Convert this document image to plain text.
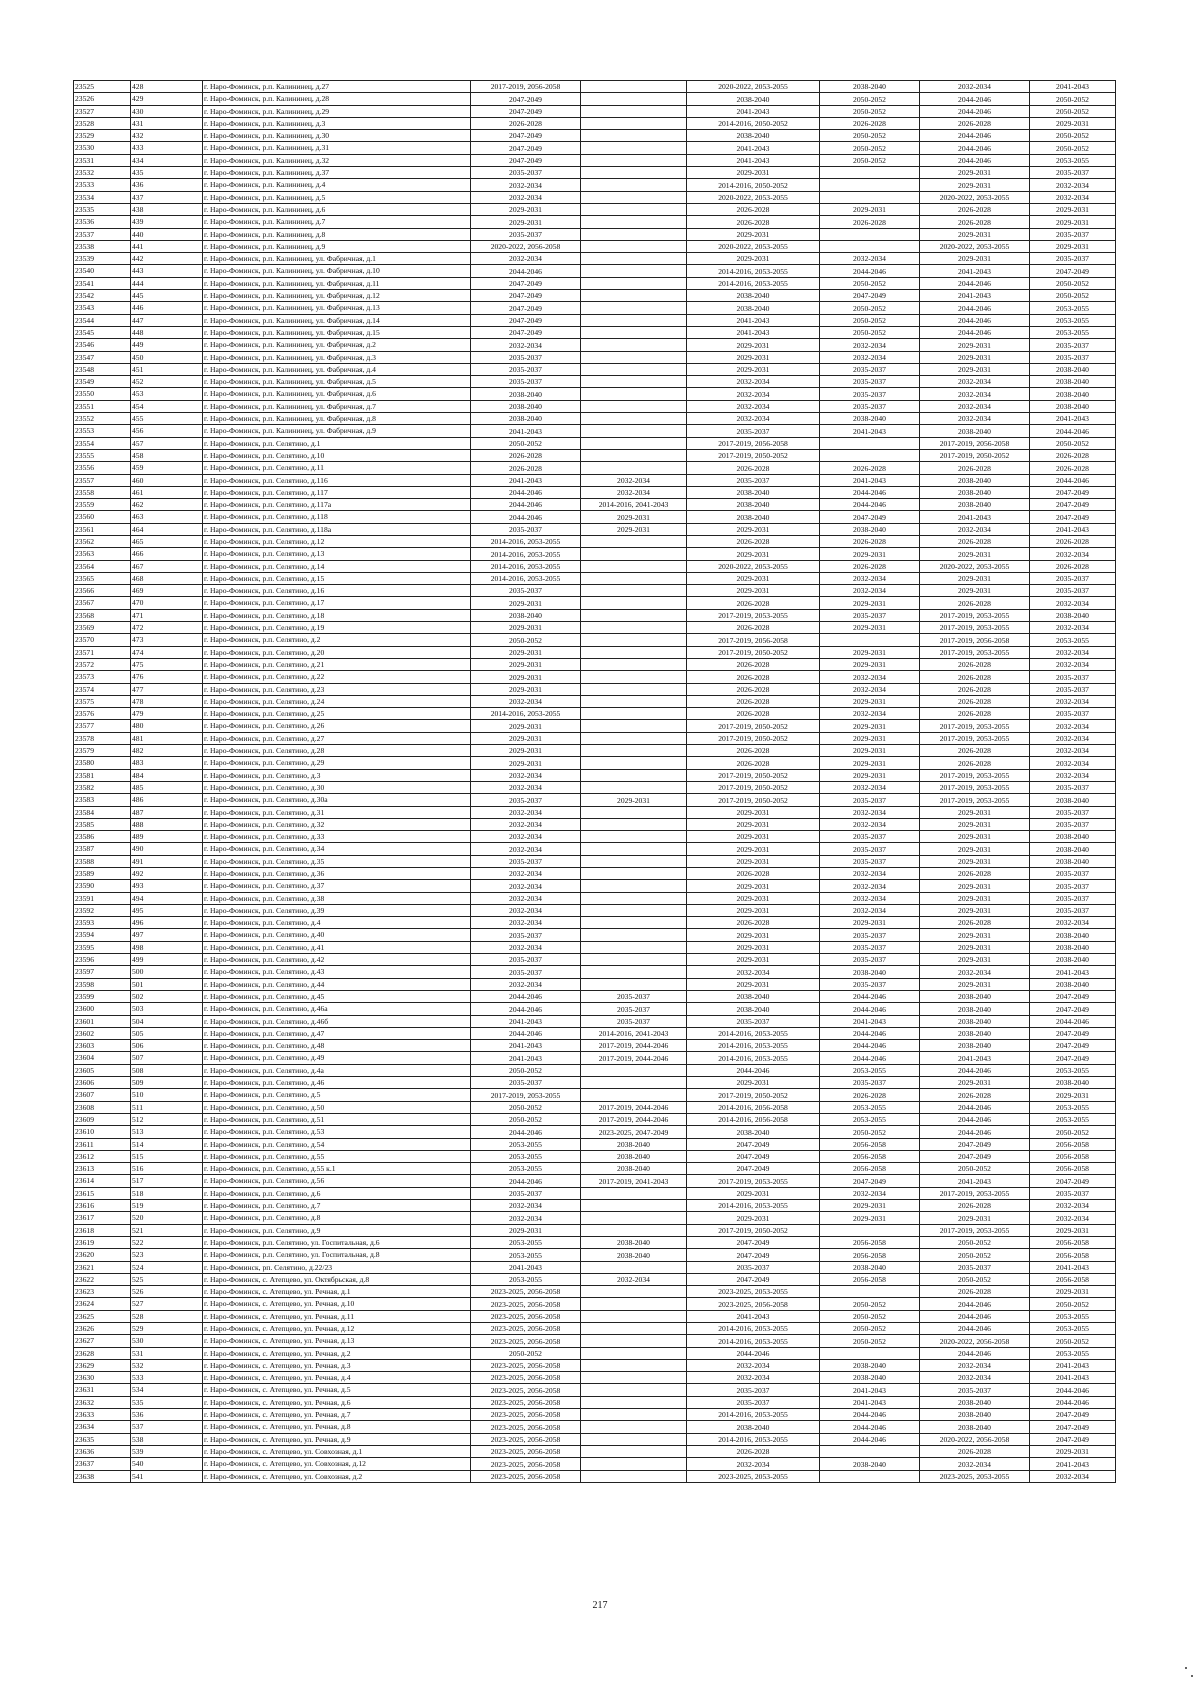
23525	428	г. Наро-Фоминск, р.п. Калининец, д.27	2017-2019, 2056-2058		2020-2022, 2053-2055	2038-2040	2032-2034	2041-2043
23526	429	г. Наро-Фоминск, р.п. Калининец, д.28	2047-2049		2038-2040	2050-2052	2044-2046	2050-2052
23527	430	г. Наро-Фоминск, р.п. Калининец, д.29	2047-2049		2041-2043	2050-2052	2044-2046	2050-2052
23528	431	г. Наро-Фоминск, р.п. Калининец, д.3	2026-2028		2014-2016, 2050-2052	2026-2028	2026-2028	2029-2031
23529	432	г. Наро-Фоминск, р.п. Калининец, д.30	2047-2049		2038-2040	2050-2052	2044-2046	2050-2052
23530	433	г. Наро-Фоминск, р.п. Калининец, д.31	2047-2049		2041-2043	2050-2052	2044-2046	2050-2052
23531	434	г. Наро-Фоминск, р.п. Калининец, д.32	2047-2049		2041-2043	2050-2052	2044-2046	2053-2055
23532	435	г. Наро-Фоминск, р.п. Калининец, д.37	2035-2037		2029-2031		2029-2031	2035-2037
23533	436	г. Наро-Фоминск, р.п. Калининец, д.4	2032-2034		2014-2016, 2050-2052		2029-2031	2032-2034
23534	437	г. Наро-Фоминск, р.п. Калининец, д.5	2032-2034		2020-2022, 2053-2055		2020-2022, 2053-2055	2032-2034
23535	438	г. Наро-Фоминск, р.п. Калининец, д.6	2029-2031		2026-2028	2029-2031	2026-2028	2029-2031
23536	439	г. Наро-Фоминск, р.п. Калининец, д.7	2029-2031		2026-2028	2026-2028	2026-2028	2029-2031
23537	440	г. Наро-Фоминск, р.п. Калининец, д.8	2035-2037		2029-2031		2029-2031	2035-2037
23538	441	г. Наро-Фоминск, р.п. Калининец, д.9	2020-2022, 2056-2058		2020-2022, 2053-2055		2020-2022, 2053-2055	2029-2031
23539	442	г. Наро-Фоминск, р.п. Калининец, ул. Фабричная, д.1	2032-2034		2029-2031	2032-2034	2029-2031	2035-2037
23540	443	г. Наро-Фоминск, р.п. Калининец, ул. Фабричная, д.10	2044-2046		2014-2016, 2053-2055	2044-2046	2041-2043	2047-2049
23541	444	г. Наро-Фоминск, р.п. Калининец, ул. Фабричная, д.11	2047-2049		2014-2016, 2053-2055	2050-2052	2044-2046	2050-2052
23542	445	г. Наро-Фоминск, р.п. Калининец, ул. Фабричная, д.12	2047-2049		2038-2040	2047-2049	2041-2043	2050-2052
23543	446	г. Наро-Фоминск, р.п. Калининец, ул. Фабричная, д.13	2047-2049		2038-2040	2050-2052	2044-2046	2053-2055
23544	447	г. Наро-Фоминск, р.п. Калининец, ул. Фабричная, д.14	2047-2049		2041-2043	2050-2052	2044-2046	2053-2055
23545	448	г. Наро-Фоминск, р.п. Калининец, ул. Фабричная, д.15	2047-2049		2041-2043	2050-2052	2044-2046	2053-2055
23546	449	г. Наро-Фоминск, р.п. Калининец, ул. Фабричная, д.2	2032-2034		2029-2031	2032-2034	2029-2031	2035-2037
23547	450	г. Наро-Фоминск, р.п. Калининец, ул. Фабричная, д.3	2035-2037		2029-2031	2032-2034	2029-2031	2035-2037
23548	451	г. Наро-Фоминск, р.п. Калининец, ул. Фабричная, д.4	2035-2037		2029-2031	2035-2037	2029-2031	2038-2040
23549	452	г. Наро-Фоминск, р.п. Калининец, ул. Фабричная, д.5	2035-2037		2032-2034	2035-2037	2032-2034	2038-2040
23550	453	г. Наро-Фоминск, р.п. Калининец, ул. Фабричная, д.6	2038-2040		2032-2034	2035-2037	2032-2034	2038-2040
23551	454	г. Наро-Фоминск, р.п. Калининец, ул. Фабричная, д.7	2038-2040		2032-2034	2035-2037	2032-2034	2038-2040
23552	455	г. Наро-Фоминск, р.п. Калининец, ул. Фабричная, д.8	2038-2040		2032-2034	2038-2040	2032-2034	2041-2043
23553	456	г. Наро-Фоминск, р.п. Калининец, ул. Фабричная, д.9	2041-2043		2035-2037	2041-2043	2038-2040	2044-2046
23554	457	г. Наро-Фоминск, р.п. Селятино, д.1	2050-2052		2017-2019, 2056-2058		2017-2019, 2056-2058	2050-2052
23555	458	г. Наро-Фоминск, р.п. Селятино, д.10	2026-2028		2017-2019, 2050-2052		2017-2019, 2050-2052	2026-2028
23556	459	г. Наро-Фоминск, р.п. Селятино, д.11	2026-2028		2026-2028	2026-2028	2026-2028	2026-2028
23557	460	г. Наро-Фоминск, р.п. Селятино, д.116	2041-2043	2032-2034	2035-2037	2041-2043	2038-2040	2044-2046
23558	461	г. Наро-Фоминск, р.п. Селятино, д.117	2044-2046	2032-2034	2038-2040	2044-2046	2038-2040	2047-2049
23559	462	г. Наро-Фоминск, р.п. Селятино, д.117а	2044-2046	2014-2016, 2041-2043	2038-2040	2044-2046	2038-2040	2047-2049
23560	463	г. Наро-Фоминск, р.п. Селятино, д.118	2044-2046	2029-2031	2038-2040	2047-2049	2041-2043	2047-2049
23561	464	г. Наро-Фоминск, р.п. Селятино, д.118а	2035-2037	2029-2031	2029-2031	2038-2040	2032-2034	2041-2043
23562	465	г. Наро-Фоминск, р.п. Селятино, д.12	2014-2016, 2053-2055		2026-2028	2026-2028	2026-2028	2026-2028
23563	466	г. Наро-Фоминск, р.п. Селятино, д.13	2014-2016, 2053-2055		2029-2031	2029-2031	2029-2031	2032-2034
23564	467	г. Наро-Фоминск, р.п. Селятино, д.14	2014-2016, 2053-2055		2020-2022, 2053-2055	2026-2028	2020-2022, 2053-2055	2026-2028
23565	468	г. Наро-Фоминск, р.п. Селятино, д.15	2014-2016, 2053-2055		2029-2031	2032-2034	2029-2031	2035-2037
23566	469	г. Наро-Фоминск, р.п. Селятино, д.16	2035-2037		2029-2031	2032-2034	2029-2031	2035-2037
23567	470	г. Наро-Фоминск, р.п. Селятино, д.17	2029-2031		2026-2028	2029-2031	2026-2028	2032-2034
23568	471	г. Наро-Фоминск, р.п. Селятино, д.18	2038-2040		2017-2019, 2053-2055	2035-2037	2017-2019, 2053-2055	2038-2040
23569	472	г. Наро-Фоминск, р.п. Селятино, д.19	2029-2031		2026-2028	2029-2031	2017-2019, 2053-2055	2032-2034
23570	473	г. Наро-Фоминск, р.п. Селятино, д.2	2050-2052		2017-2019, 2056-2058		2017-2019, 2056-2058	2053-2055
23571	474	г. Наро-Фоминск, р.п. Селятино, д.20	2029-2031		2017-2019, 2050-2052	2029-2031	2017-2019, 2053-2055	2032-2034
23572	475	г. Наро-Фоминск, р.п. Селятино, д.21	2029-2031		2026-2028	2029-2031	2026-2028	2032-2034
23573	476	г. Наро-Фоминск, р.п. Селятино, д.22	2029-2031		2026-2028	2032-2034	2026-2028	2035-2037
23574	477	г. Наро-Фоминск, р.п. Селятино, д.23	2029-2031		2026-2028	2032-2034	2026-2028	2035-2037
23575	478	г. Наро-Фоминск, р.п. Селятино, д.24	2032-2034		2026-2028	2029-2031	2026-2028	2032-2034
23576	479	г. Наро-Фоминск, р.п. Селятино, д.25	2014-2016, 2053-2055		2026-2028	2032-2034	2026-2028	2035-2037
23577	480	г. Наро-Фоминск, р.п. Селятино, д.26	2029-2031		2017-2019, 2050-2052	2029-2031	2017-2019, 2053-2055	2032-2034
23578	481	г. Наро-Фоминск, р.п. Селятино, д.27	2029-2031		2017-2019, 2050-2052	2029-2031	2017-2019, 2053-2055	2032-2034
23579	482	г. Наро-Фоминск, р.п. Селятино, д.28	2029-2031		2026-2028	2029-2031	2026-2028	2032-2034
23580	483	г. Наро-Фоминск, р.п. Селятино, д.29	2029-2031		2026-2028	2029-2031	2026-2028	2032-2034
23581	484	г. Наро-Фоминск, р.п. Селятино, д.3	2032-2034		2017-2019, 2050-2052	2029-2031	2017-2019, 2053-2055	2032-2034
23582	485	г. Наро-Фоминск, р.п. Селятино, д.30	2032-2034		2017-2019, 2050-2052	2032-2034	2017-2019, 2053-2055	2035-2037
23583	486	г. Наро-Фоминск, р.п. Селятино, д.30а	2035-2037	2029-2031	2017-2019, 2050-2052	2035-2037	2017-2019, 2053-2055	2038-2040
23584	487	г. Наро-Фоминск, р.п. Селятино, д.31	2032-2034		2029-2031	2032-2034	2029-2031	2035-2037
23585	488	г. Наро-Фоминск, р.п. Селятино, д.32	2032-2034		2029-2031	2032-2034	2029-2031	2035-2037
23586	489	г. Наро-Фоминск, р.п. Селятино, д.33	2032-2034		2029-2031	2035-2037	2029-2031	2038-2040
23587	490	г. Наро-Фоминск, р.п. Селятино, д.34	2032-2034		2029-2031	2035-2037	2029-2031	2038-2040
23588	491	г. Наро-Фоминск, р.п. Селятино, д.35	2035-2037		2029-2031	2035-2037	2029-2031	2038-2040
23589	492	г. Наро-Фоминск, р.п. Селятино, д.36	2032-2034		2026-2028	2032-2034	2026-2028	2035-2037
23590	493	г. Наро-Фоминск, р.п. Селятино, д.37	2032-2034		2029-2031	2032-2034	2029-2031	2035-2037
23591	494	г. Наро-Фоминск, р.п. Селятино, д.38	2032-2034		2029-2031	2032-2034	2029-2031	2035-2037
23592	495	г. Наро-Фоминск, р.п. Селятино, д.39	2032-2034		2029-2031	2032-2034	2029-2031	2035-2037
23593	496	г. Наро-Фоминск, р.п. Селятино, д.4	2032-2034		2026-2028	2029-2031	2026-2028	2032-2034
23594	497	г. Наро-Фоминск, р.п. Селятино, д.40	2035-2037		2029-2031	2035-2037	2029-2031	2038-2040
23595	498	г. Наро-Фоминск, р.п. Селятино, д.41	2032-2034		2029-2031	2035-2037	2029-2031	2038-2040
23596	499	г. Наро-Фоминск, р.п. Селятино, д.42	2035-2037		2029-2031	2035-2037	2029-2031	2038-2040
23597	500	г. Наро-Фоминск, р.п. Селятино, д.43	2035-2037		2032-2034	2038-2040	2032-2034	2041-2043
23598	501	г. Наро-Фоминск, р.п. Селятино, д.44	2032-2034		2029-2031	2035-2037	2029-2031	2038-2040
23599	502	г. Наро-Фоминск, р.п. Селятино, д.45	2044-2046	2035-2037	2038-2040	2044-2046	2038-2040	2047-2049
23600	503	г. Наро-Фоминск, р.п. Селятино, д.46а	2044-2046	2035-2037	2038-2040	2044-2046	2038-2040	2047-2049
23601	504	г. Наро-Фоминск, р.п. Селятино, д.46б	2041-2043	2035-2037	2035-2037	2041-2043	2038-2040	2044-2046
23602	505	г. Наро-Фоминск, р.п. Селятино, д.47	2044-2046	2014-2016, 2041-2043	2014-2016, 2053-2055	2044-2046	2038-2040	2047-2049
23603	506	г. Наро-Фоминск, р.п. Селятино, д.48	2041-2043	2017-2019, 2044-2046	2014-2016, 2053-2055	2044-2046	2038-2040	2047-2049
23604	507	г. Наро-Фоминск, р.п. Селятино, д.49	2041-2043	2017-2019, 2044-2046	2014-2016, 2053-2055	2044-2046	2041-2043	2047-2049
23605	508	г. Наро-Фоминск, р.п. Селятино, д.4а	2050-2052		2044-2046	2053-2055	2044-2046	2053-2055
23606	509	г. Наро-Фоминск, р.п. Селятино, д.46	2035-2037		2029-2031	2035-2037	2029-2031	2038-2040
23607	510	г. Наро-Фоминск, р.п. Селятино, д.5	2017-2019, 2053-2055		2017-2019, 2050-2052	2026-2028	2026-2028	2029-2031
23608	511	г. Наро-Фоминск, р.п. Селятино, д.50	2050-2052	2017-2019, 2044-2046	2014-2016, 2056-2058	2053-2055	2044-2046	2053-2055
23609	512	г. Наро-Фоминск, р.п. Селятино, д.51	2050-2052	2017-2019, 2044-2046	2014-2016, 2056-2058	2053-2055	2044-2046	2053-2055
23610	513	г. Наро-Фоминск, р.п. Селятино, д.53	2044-2046	2023-2025, 2047-2049	2038-2040	2050-2052	2044-2046	2050-2052
23611	514	г. Наро-Фоминск, р.п. Селятино, д.54	2053-2055	2038-2040	2047-2049	2056-2058	2047-2049	2056-2058
23612	515	г. Наро-Фоминск, р.п. Селятино, д.55	2053-2055	2038-2040	2047-2049	2056-2058	2047-2049	2056-2058
23613	516	г. Наро-Фоминск, р.п. Селятино, д.55 к.1	2053-2055	2038-2040	2047-2049	2056-2058	2050-2052	2056-2058
23614	517	г. Наро-Фоминск, р.п. Селятино, д.56	2044-2046	2017-2019, 2041-2043	2017-2019, 2053-2055	2047-2049	2041-2043	2047-2049
23615	518	г. Наро-Фоминск, р.п. Селятино, д.6	2035-2037		2029-2031	2032-2034	2017-2019, 2053-2055	2035-2037
23616	519	г. Наро-Фоминск, р.п. Селятино, д.7	2032-2034		2014-2016, 2053-2055	2029-2031	2026-2028	2032-2034
23617	520	г. Наро-Фоминск, р.п. Селятино, д.8	2032-2034		2029-2031	2029-2031	2029-2031	2032-2034
23618	521	г. Наро-Фоминск, р.п. Селятино, д.9	2029-2031		2017-2019, 2050-2052		2017-2019, 2053-2055	2029-2031
23619	522	г. Наро-Фоминск, р.п. Селятино, ул. Госпитальная, д.6	2053-2055	2038-2040	2047-2049	2056-2058	2050-2052	2056-2058
23620	523	г. Наро-Фоминск, р.п. Селятино, ул. Госпитальная, д.8	2053-2055	2038-2040	2047-2049	2056-2058	2050-2052	2056-2058
23621	524	г. Наро-Фоминск, рп. Селятино, д.22/23	2041-2043		2035-2037	2038-2040	2035-2037	2041-2043
23622	525	г. Наро-Фоминск, с. Атепцево, ул. Октябрьская, д.8	2053-2055	2032-2034	2047-2049	2056-2058	2050-2052	2056-2058
23623	526	г. Наро-Фоминск, с. Атепцево, ул. Речная, д.1	2023-2025, 2056-2058		2023-2025, 2053-2055		2026-2028	2029-2031
23624	527	г. Наро-Фоминск, с. Атепцево, ул. Речная, д.10	2023-2025, 2056-2058		2023-2025, 2056-2058	2050-2052	2044-2046	2050-2052
23625	528	г. Наро-Фоминск, с. Атепцево, ул. Речная, д.11	2023-2025, 2056-2058		2041-2043	2050-2052	2044-2046	2053-2055
23626	529	г. Наро-Фоминск, с. Атепцево, ул. Речная, д.12	2023-2025, 2056-2058		2014-2016, 2053-2055	2050-2052	2044-2046	2053-2055
23627	530	г. Наро-Фоминск, с. Атепцево, ул. Речная, д.13	2023-2025, 2056-2058		2014-2016, 2053-2055	2050-2052	2020-2022, 2056-2058	2050-2052
23628	531	г. Наро-Фоминск, с. Атепцево, ул. Речная, д.2	2050-2052		2044-2046		2044-2046	2053-2055
23629	532	г. Наро-Фоминск, с. Атепцево, ул. Речная, д.3	2023-2025, 2056-2058		2032-2034	2038-2040	2032-2034	2041-2043
23630	533	г. Наро-Фоминск, с. Атепцево, ул. Речная, д.4	2023-2025, 2056-2058		2032-2034	2038-2040	2032-2034	2041-2043
23631	534	г. Наро-Фоминск, с. Атепцево, ул. Речная, д.5	2023-2025, 2056-2058		2035-2037	2041-2043	2035-2037	2044-2046
23632	535	г. Наро-Фоминск, с. Атепцево, ул. Речная, д.6	2023-2025, 2056-2058		2035-2037	2041-2043	2038-2040	2044-2046
23633	536	г. Наро-Фоминск, с. Атепцево, ул. Речная, д.7	2023-2025, 2056-2058		2014-2016, 2053-2055	2044-2046	2038-2040	2047-2049
23634	537	г. Наро-Фоминск, с. Атепцево, ул. Речная, д.8	2023-2025, 2056-2058		2038-2040	2044-2046	2038-2040	2047-2049
23635	538	г. Наро-Фоминск, с. Атепцево, ул. Речная, д.9	2023-2025, 2056-2058		2014-2016, 2053-2055	2044-2046	2020-2022, 2056-2058	2047-2049
23636	539	г. Наро-Фоминск, с. Атепцево, ул. Совхозная, д.1	2023-2025, 2056-2058		2026-2028		2026-2028	2029-2031
23637	540	г. Наро-Фоминск, с. Атепцево, ул. Совхозная, д.12	2023-2025, 2056-2058		2032-2034	2038-2040	2032-2034	2041-2043
23638	541	г. Наро-Фоминск, с. Атепцево, ул. Совхозная, д.2	2023-2025, 2056-2058		2023-2025, 2053-2055		2023-2025, 2053-2055	2032-2034
217
